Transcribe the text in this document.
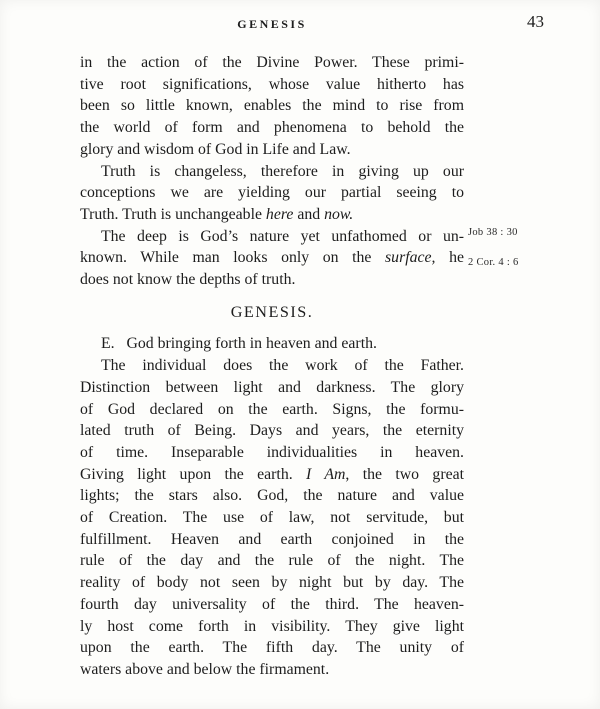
GENESIS	43
in the action of the Divine Power. These primi-
tive root significations, whose value hitherto has
been so little known, enables the mind to rise from
the world of form and phenomena to behold the
glory and wisdom of God in Life and Law.
Truth is changeless, therefore in giving up our
conceptions we are yielding our partial seeing to
Truth. Truth is unchangeable here and now.
The deep is God’s nature yet unfathomed or un-
known. While man looks only on the surface, he
does not know the depths of truth.
GENESIS.
E.   God bringing forth in heaven and earth.
The individual does the work of the Father.
Distinction between light and darkness. The glory
of God declared on the earth. Signs, the formu-
lated truth of Being. Days and years, the eternity
of time. Inseparable individualities in heaven.
Giving light upon the earth. I Am, the two great
lights; the stars also. God, the nature and value
of Creation. The use of law, not servitude, but
fulfillment. Heaven and earth conjoined in the
rule of the day and the rule of the night. The
reality of body not seen by night but by day. The
fourth day universality of the third. The heaven-
ly host come forth in visibility. They give light
upon the earth. The fifth day. The unity of
waters above and below the firmament.
Job 38 : 30
2 Cor. 4 : 6
